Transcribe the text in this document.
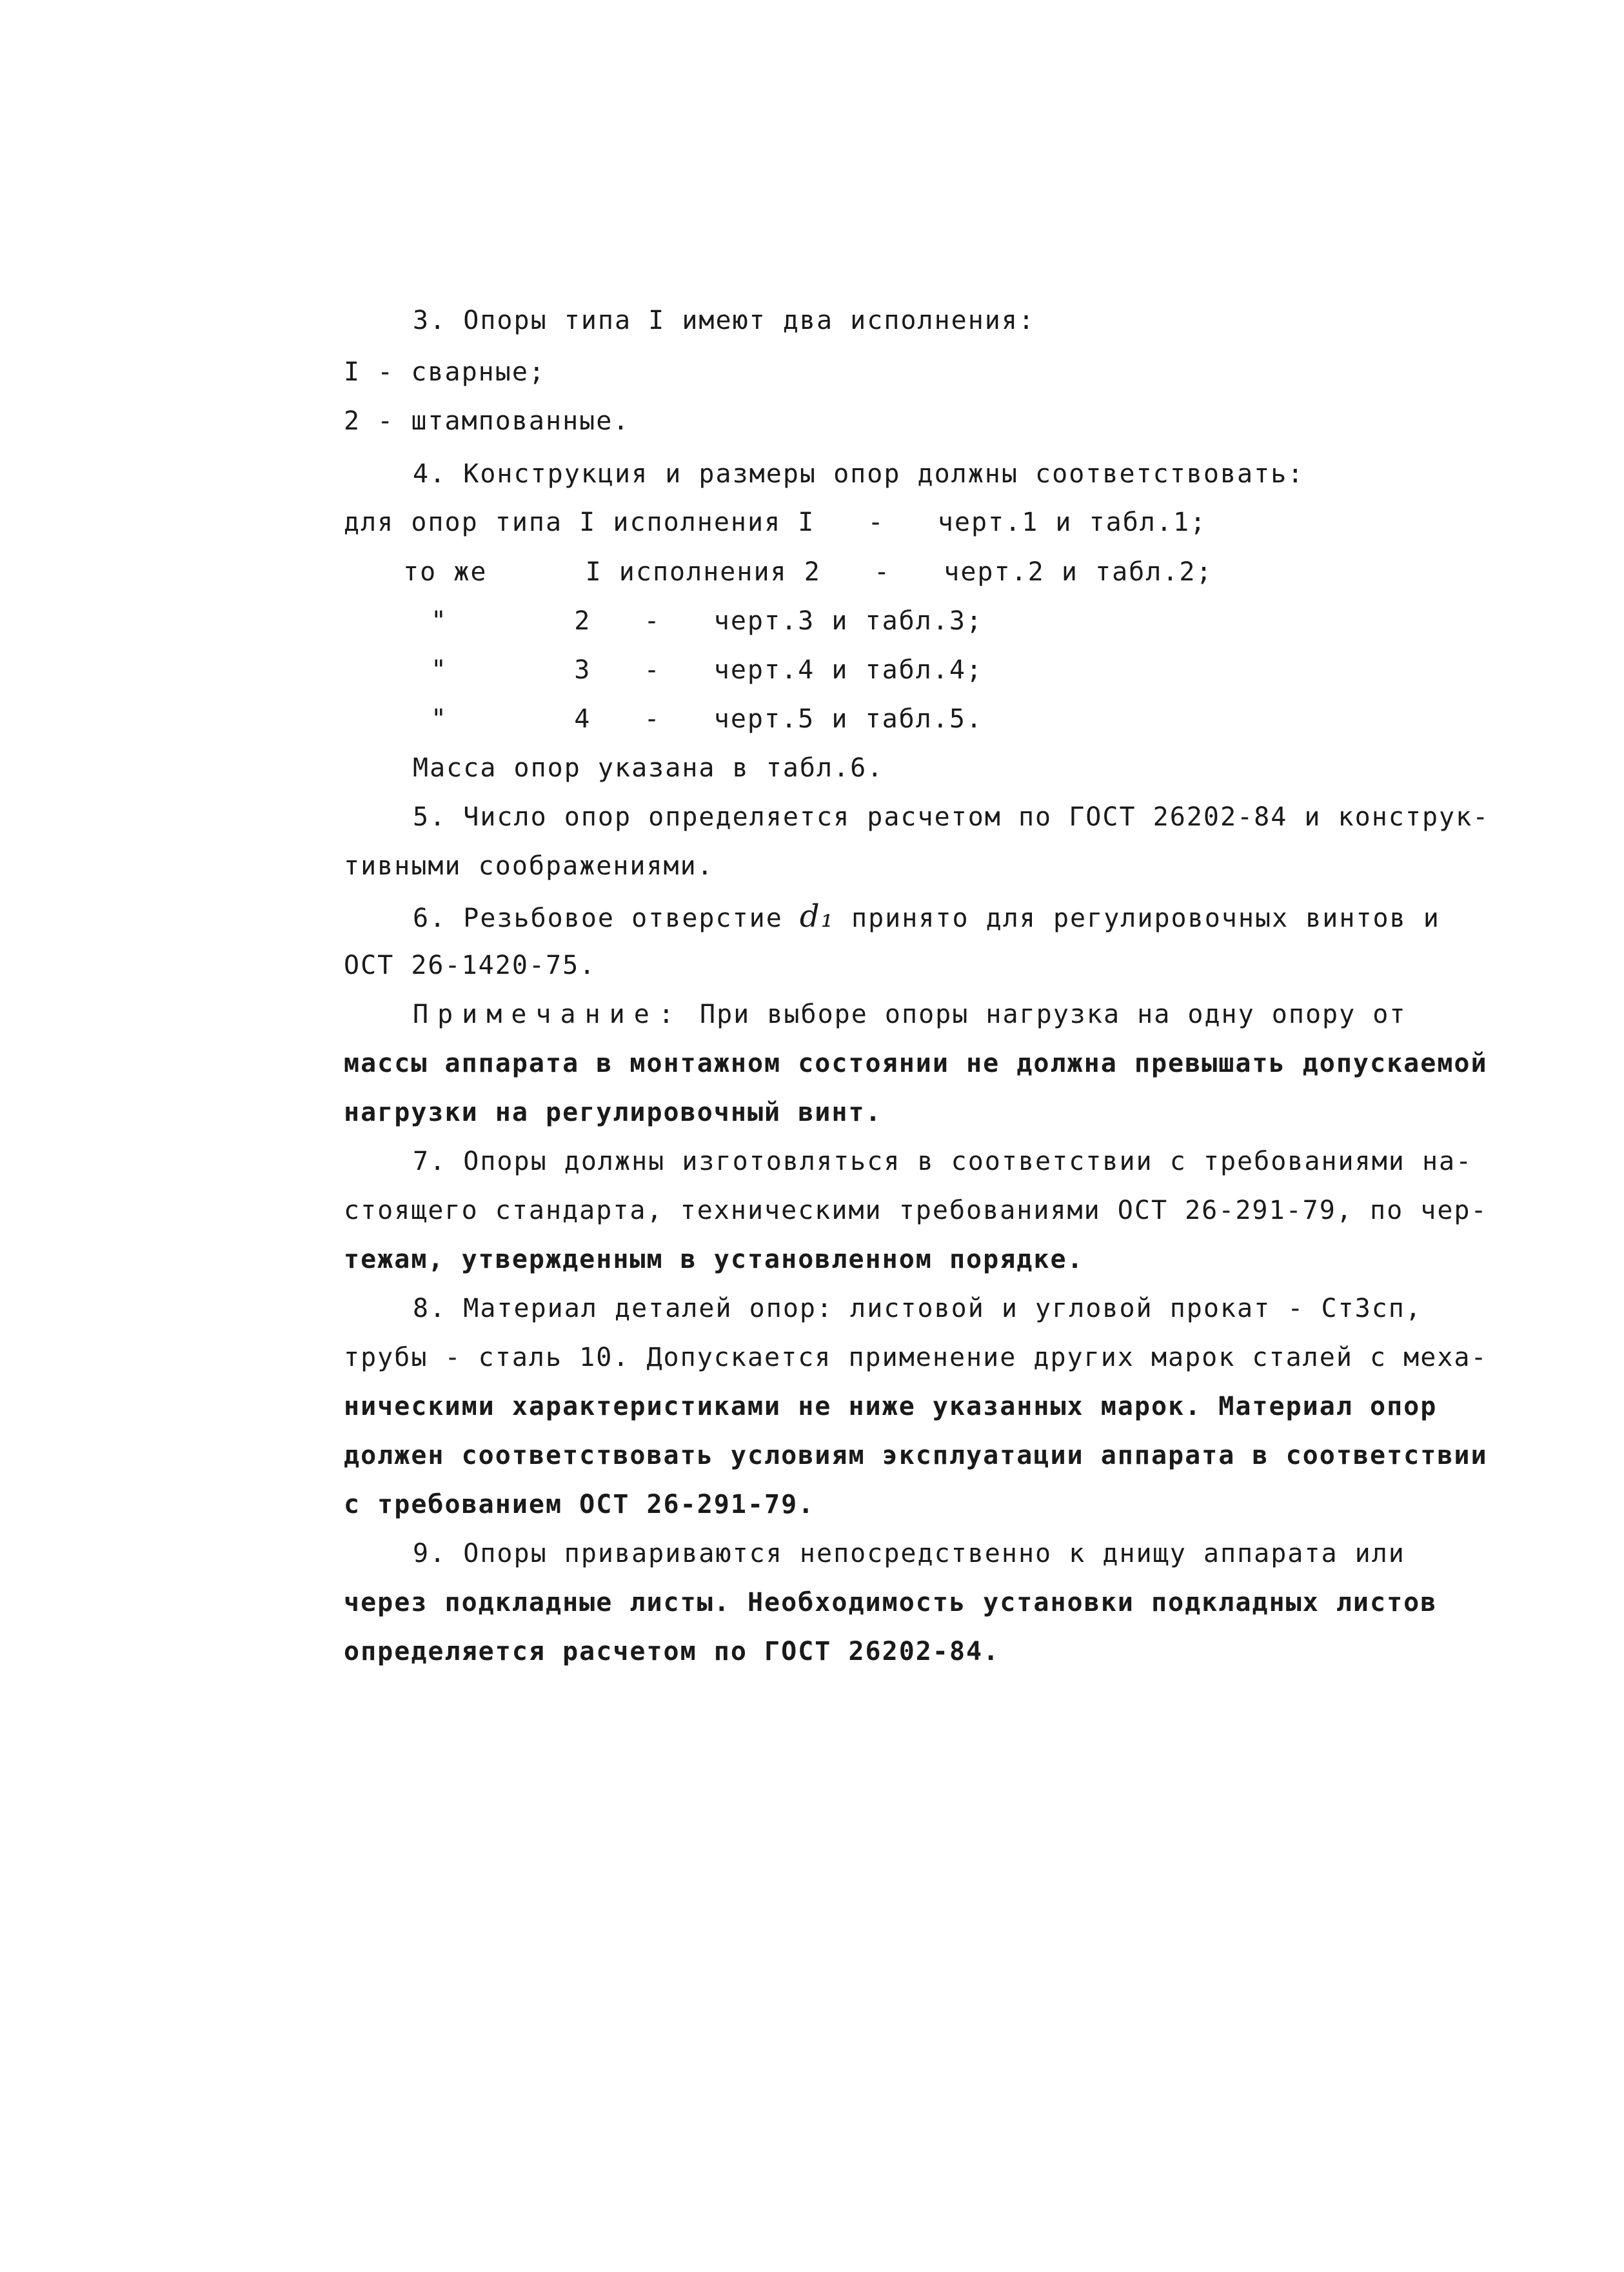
3. Опоры типа I имеют два исполнения:
I - сварные;
2 - штампованные.
4. Конструкция и размеры опор должны соответствовать:
для опор типа I исполнения I - черт.1 и табл.1;
то же	I исполнения 2 - черт.2 и табл.2;
"	2 - черт.3 и табл.3;
"	3 - черт.4 и табл.4;
"	4 - черт.5 и табл.5.
Масса опор указана в табл.6.
5. Число опор определяется расчетом по ГОСТ 26202-84 и конструк-
тивными соображениями.
6. Резьбовое отверстие d₁ принято для регулировочных винтов и
ОСТ 26-1420-75.
Примечание: При выборе опоры нагрузка на одну опору от
массы аппарата в монтажном состоянии не должна превышать допускаемой
нагрузки на регулировочный винт.
7. Опоры должны изготовляться в соответствии с требованиями на-
стоящего стандарта, техническими требованиями ОСТ 26-291-79, по чер-
тежам, утвержденным в установленном порядке.
8. Материал деталей опор: листовой и угловой прокат - Ст3сп,
трубы - сталь 10. Допускается применение других марок сталей с меха-
ническими характеристиками не ниже указанных марок. Материал опор
должен соответствовать условиям эксплуатации аппарата в соответствии
с требованием ОСТ 26-291-79.
9. Опоры привариваются непосредственно к днищу аппарата или
через подкладные листы. Необходимость установки подкладных листов
определяется расчетом по ГОСТ 26202-84.
